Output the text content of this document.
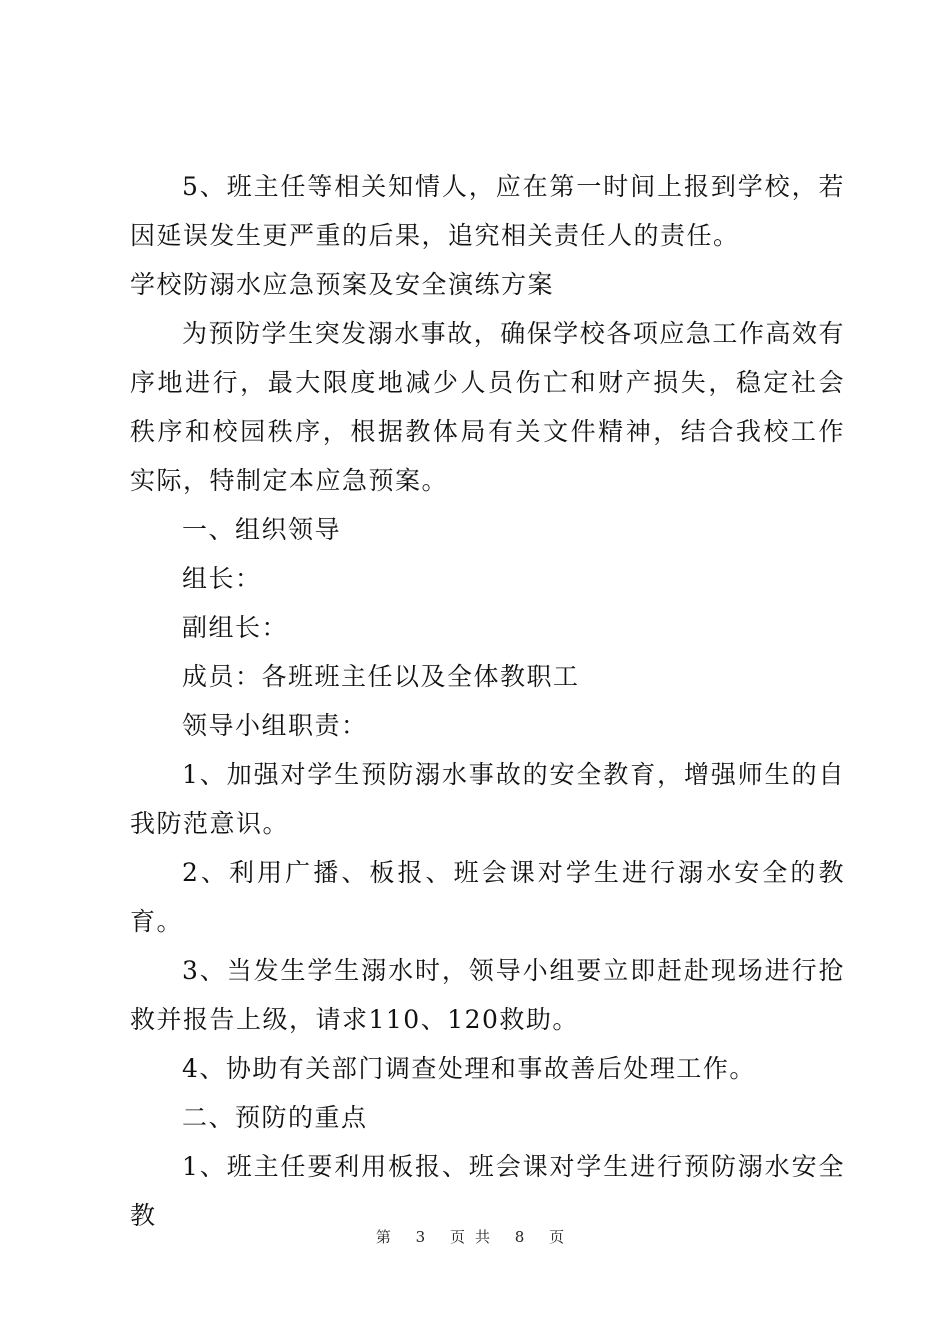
5、班主任等相关知情人，应在第一时间上报到学校，若因延误发生更严重的后果，追究相关责任人的责任。

学校防溺水应急预案及安全演练方案

为预防学生突发溺水事故，确保学校各项应急工作高效有序地进行，最大限度地减少人员伤亡和财产损失，稳定社会秩序和校园秩序，根据教体局有关文件精神，结合我校工作实际，特制定本应急预案。

一、组织领导

组长：

副组长：

成员：各班班主任以及全体教职工

领导小组职责：

1、加强对学生预防溺水事故的安全教育，增强师生的自我防范意识。

2、利用广播、板报、班会课对学生进行溺水安全的教育。

3、当发生学生溺水时，领导小组要立即赶赴现场进行抢救并报告上级，请求110、120救助。

4、协助有关部门调查处理和事故善后处理工作。

二、预防的重点

1、班主任要利用板报、班会课对学生进行预防溺水安全教

第 3 页共 8 页
